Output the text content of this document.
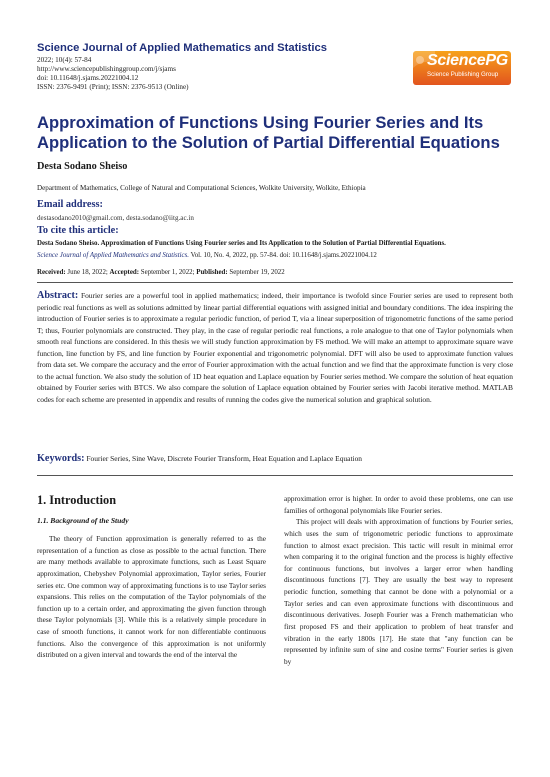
Science Journal of Applied Mathematics and Statistics
2022; 10(4): 57-84
http://www.sciencepublishinggroup.com/j/sjams
doi: 10.11648/j.sjams.20221004.12
ISSN: 2376-9491 (Print); ISSN: 2376-9513 (Online)
SciencePG
Science Publishing Group
Approximation of Functions Using Fourier Series and Its Application to the Solution of Partial Differential Equations
Desta Sodano Sheiso
Department of Mathematics, College of Natural and Computational Sciences, Wolkite University, Wolkite, Ethiopia
Email address:
destasodano2010@gmail.com, desta.sodano@iitg.ac.in
To cite this article:
Desta Sodano Sheiso. Approximation of Functions Using Fourier series and Its Application to the Solution of Partial Differential Equations.
Science Journal of Applied Mathematics and Statistics. Vol. 10, No. 4, 2022, pp. 57-84. doi: 10.11648/j.sjams.20221004.12
Received: June 18, 2022; Accepted: September 1, 2022; Published: September 19, 2022
Abstract: Fourier series are a powerful tool in applied mathematics; indeed, their importance is twofold since Fourier series are used to represent both periodic real functions as well as solutions admitted by linear partial differential equations with assigned initial and boundary conditions. The idea inspiring the introduction of Fourier series is to approximate a regular periodic function, of period T, via a linear superposition of trigonometric functions of the same period T; thus, Fourier polynomials are constructed. They play, in the case of regular periodic real functions, a role analogue to that one of Taylor polynomials when smooth real functions are considered. In this thesis we will study function approximation by FS method. We will make an attempt to approximate square wave function, line function by FS, and line function by Fourier exponential and trigonometric polynomial. DFT will also be used to approximate function values from data set. We compare the accuracy and the error of Fourier approximation with the actual function and we find that the approximate function is very close to the actual function. We also study the solution of 1D heat equation and Laplace equation by Fourier series method. We compare the solution of heat equation obtained by Fourier series with BTCS. We also compare the solution of Laplace equation obtained by Fourier series with Jacobi iterative method. MATLAB codes for each scheme are presented in appendix and results of running the codes give the numerical solution and graphical solution.
Keywords: Fourier Series, Sine Wave, Discrete Fourier Transform, Heat Equation and Laplace Equation
1. Introduction
1.1. Background of the Study

The theory of Function approximation is generally referred to as the representation of a function as close as possible to the actual function. There are many methods available to approximate functions, such as Least Square approximation, Chebyshev Polynomial approximation, Taylor series, Fourier series etc. One common way of approximating functions is to use Taylor series expansions. This relies on the computation of the Taylor polynomials of the function up to a certain order, and approximating the given function through these Taylor polynomials [3]. While this is a relatively simple procedure in case of smooth functions, it cannot work for non differentiable continuous functions. Also the convergence of this approximation is not uniformly distributed on a given interval and towards the end of the interval the

approximation error is higher. In order to avoid these problems, one can use families of orthogonal polynomials like Fourier series.

This project will deals with approximation of functions by Fourier series, which uses the sum of trigonometric periodic functions to approximate function to almost exact precision. This tactic will result in minimal error when comparing it to the original function and the process is highly effective for continuous functions, but involves a larger error when handling discontinuous functions [7]. They are usually the best way to represent periodic function, something that cannot be done with a polynomial or a Taylor series and can even approximate functions with discontinuous and discontinuous derivatives. Joseph Fourier was a French mathematician who first proposed FS and their application to problem of heat transfer and vibration in the early 1800s [17]. He state that "any function can be represented by infinite sum of sine and cosine terms" Fourier series is given by
